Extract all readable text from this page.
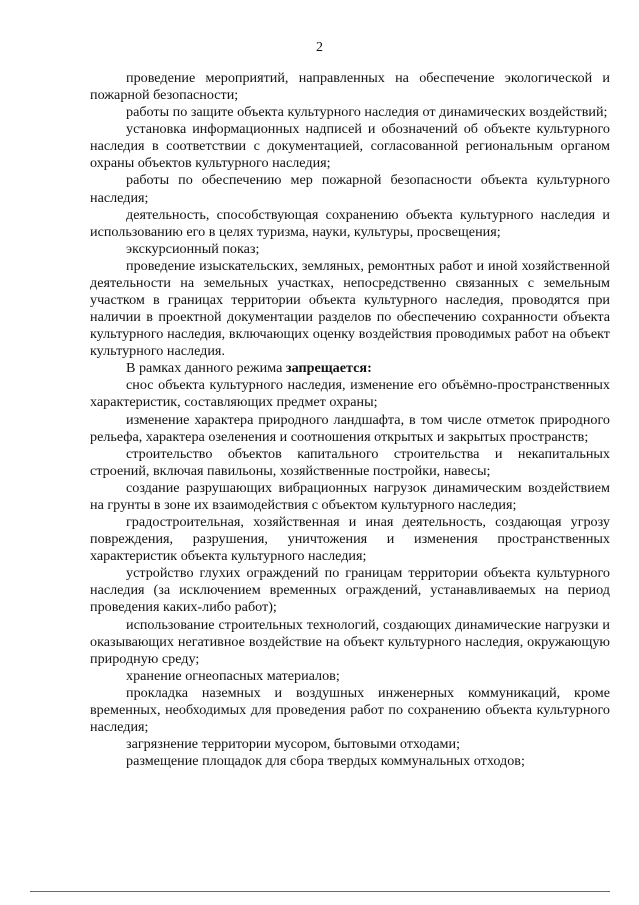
2

проведение мероприятий, направленных на обеспечение экологической и пожарной безопасности;

работы по защите объекта культурного наследия от динамических воздействий;

установка информационных надписей и обозначений об объекте культурного наследия в соответствии с документацией, согласованной региональным органом охраны объектов культурного наследия;

работы по обеспечению мер пожарной безопасности объекта культурного наследия;

деятельность, способствующая сохранению объекта культурного наследия и использованию его в целях туризма, науки, культуры, просвещения;

экскурсионный показ;

проведение изыскательских, земляных, ремонтных работ и иной хозяйственной деятельности на земельных участках, непосредственно связанных с земельным участком в границах территории объекта культурного наследия, проводятся при наличии в проектной документации разделов по обеспечению сохранности объекта культурного наследия, включающих оценку воздействия проводимых работ на объект культурного наследия.

В рамках данного режима запрещается:

снос объекта культурного наследия, изменение его объёмно-пространственных характеристик, составляющих предмет охраны;

изменение характера природного ландшафта, в том числе отметок природного рельефа, характера озеленения и соотношения открытых и закрытых пространств;

строительство объектов капитального строительства и некапитальных строений, включая павильоны, хозяйственные постройки, навесы;

создание разрушающих вибрационных нагрузок динамическим воздействием на грунты в зоне их взаимодействия с объектом культурного наследия;

градостроительная, хозяйственная и иная деятельность, создающая угрозу повреждения, разрушения, уничтожения и изменения пространственных характеристик объекта культурного наследия;

устройство глухих ограждений по границам территории объекта культурного наследия (за исключением временных ограждений, устанавливаемых на период проведения каких-либо работ);

использование строительных технологий, создающих динамические нагрузки и оказывающих негативное воздействие на объект культурного наследия, окружающую природную среду;

хранение огнеопасных материалов;

прокладка наземных и воздушных инженерных коммуникаций, кроме временных, необходимых для проведения работ по сохранению объекта культурного наследия;

загрязнение территории мусором, бытовыми отходами;

размещение площадок для сбора твердых коммунальных отходов;
